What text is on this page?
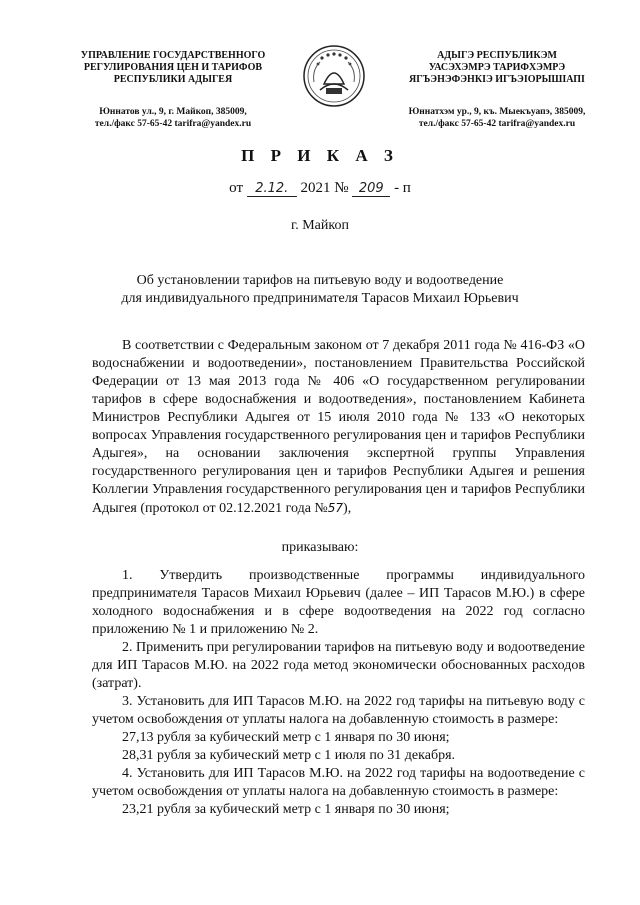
УПРАВЛЕНИЕ ГОСУДАРСТВЕННОГО
РЕГУЛИРОВАНИЯ ЦЕН И ТАРИФОВ
РЕСПУБЛИКИ АДЫГЕЯ
Юннатов ул., 9, г. Майкоп, 385009,
тел./факс 57-65-42 tarifra@yandex.ru
АДЫГЭ РЕСПУБЛИКЭМ
УАСЭХЭМРЭ ТАРИФХЭМРЭ
ЯГЪЭНЭФЭНКІЭ ИГЪЭІОРЫШІАПІ
Юннатхэм ур., 9, къ. Мыекъуапэ, 385009,
тел./факс 57-65-42 tarifra@yandex.ru
П Р И К А З
от 2.12. 2021 № 209 - п
г. Майкоп
Об установлении тарифов на питьевую воду и водоотведение
для индивидуального предпринимателя Тарасов Михаил Юрьевич
В соответствии с Федеральным законом от 7 декабря 2011 года № 416-ФЗ «О водоснабжении и водоотведении», постановлением Правительства Российской Федерации от 13 мая 2013 года № 406 «О государственном регулировании тарифов в сфере водоснабжения и водоотведения», постановлением Кабинета Министров Республики Адыгея от 15 июля 2010 года № 133 «О некоторых вопросах Управления государственного регулирования цен и тарифов Республики Адыгея», на основании заключения экспертной группы Управления государственного регулирования цен и тарифов Республики Адыгея и решения Коллегии Управления государственного регулирования цен и тарифов Республики Адыгея (протокол от 02.12.2021 года №57),
приказываю:

1. Утвердить производственные программы индивидуального предпринимателя Тарасов Михаил Юрьевич (далее – ИП Тарасов М.Ю.) в сфере холодного водоснабжения и в сфере водоотведения на 2022 год согласно приложению № 1 и приложению № 2.

2. Применить при регулировании тарифов на питьевую воду и водоотведение для ИП Тарасов М.Ю. на 2022 года метод экономически обоснованных расходов (затрат).

3. Установить для ИП Тарасов М.Ю. на 2022 год тарифы на питьевую воду с учетом освобождения от уплаты налога на добавленную стоимость в размере:

27,13 рубля за кубический метр с 1 января по 30 июня;

28,31 рубля за кубический метр с 1 июля по 31 декабря.

4. Установить для ИП Тарасов М.Ю. на 2022 год тарифы на водоотведение с учетом освобождения от уплаты налога на добавленную стоимость в размере:

23,21 рубля за кубический метр с 1 января по 30 июня;
